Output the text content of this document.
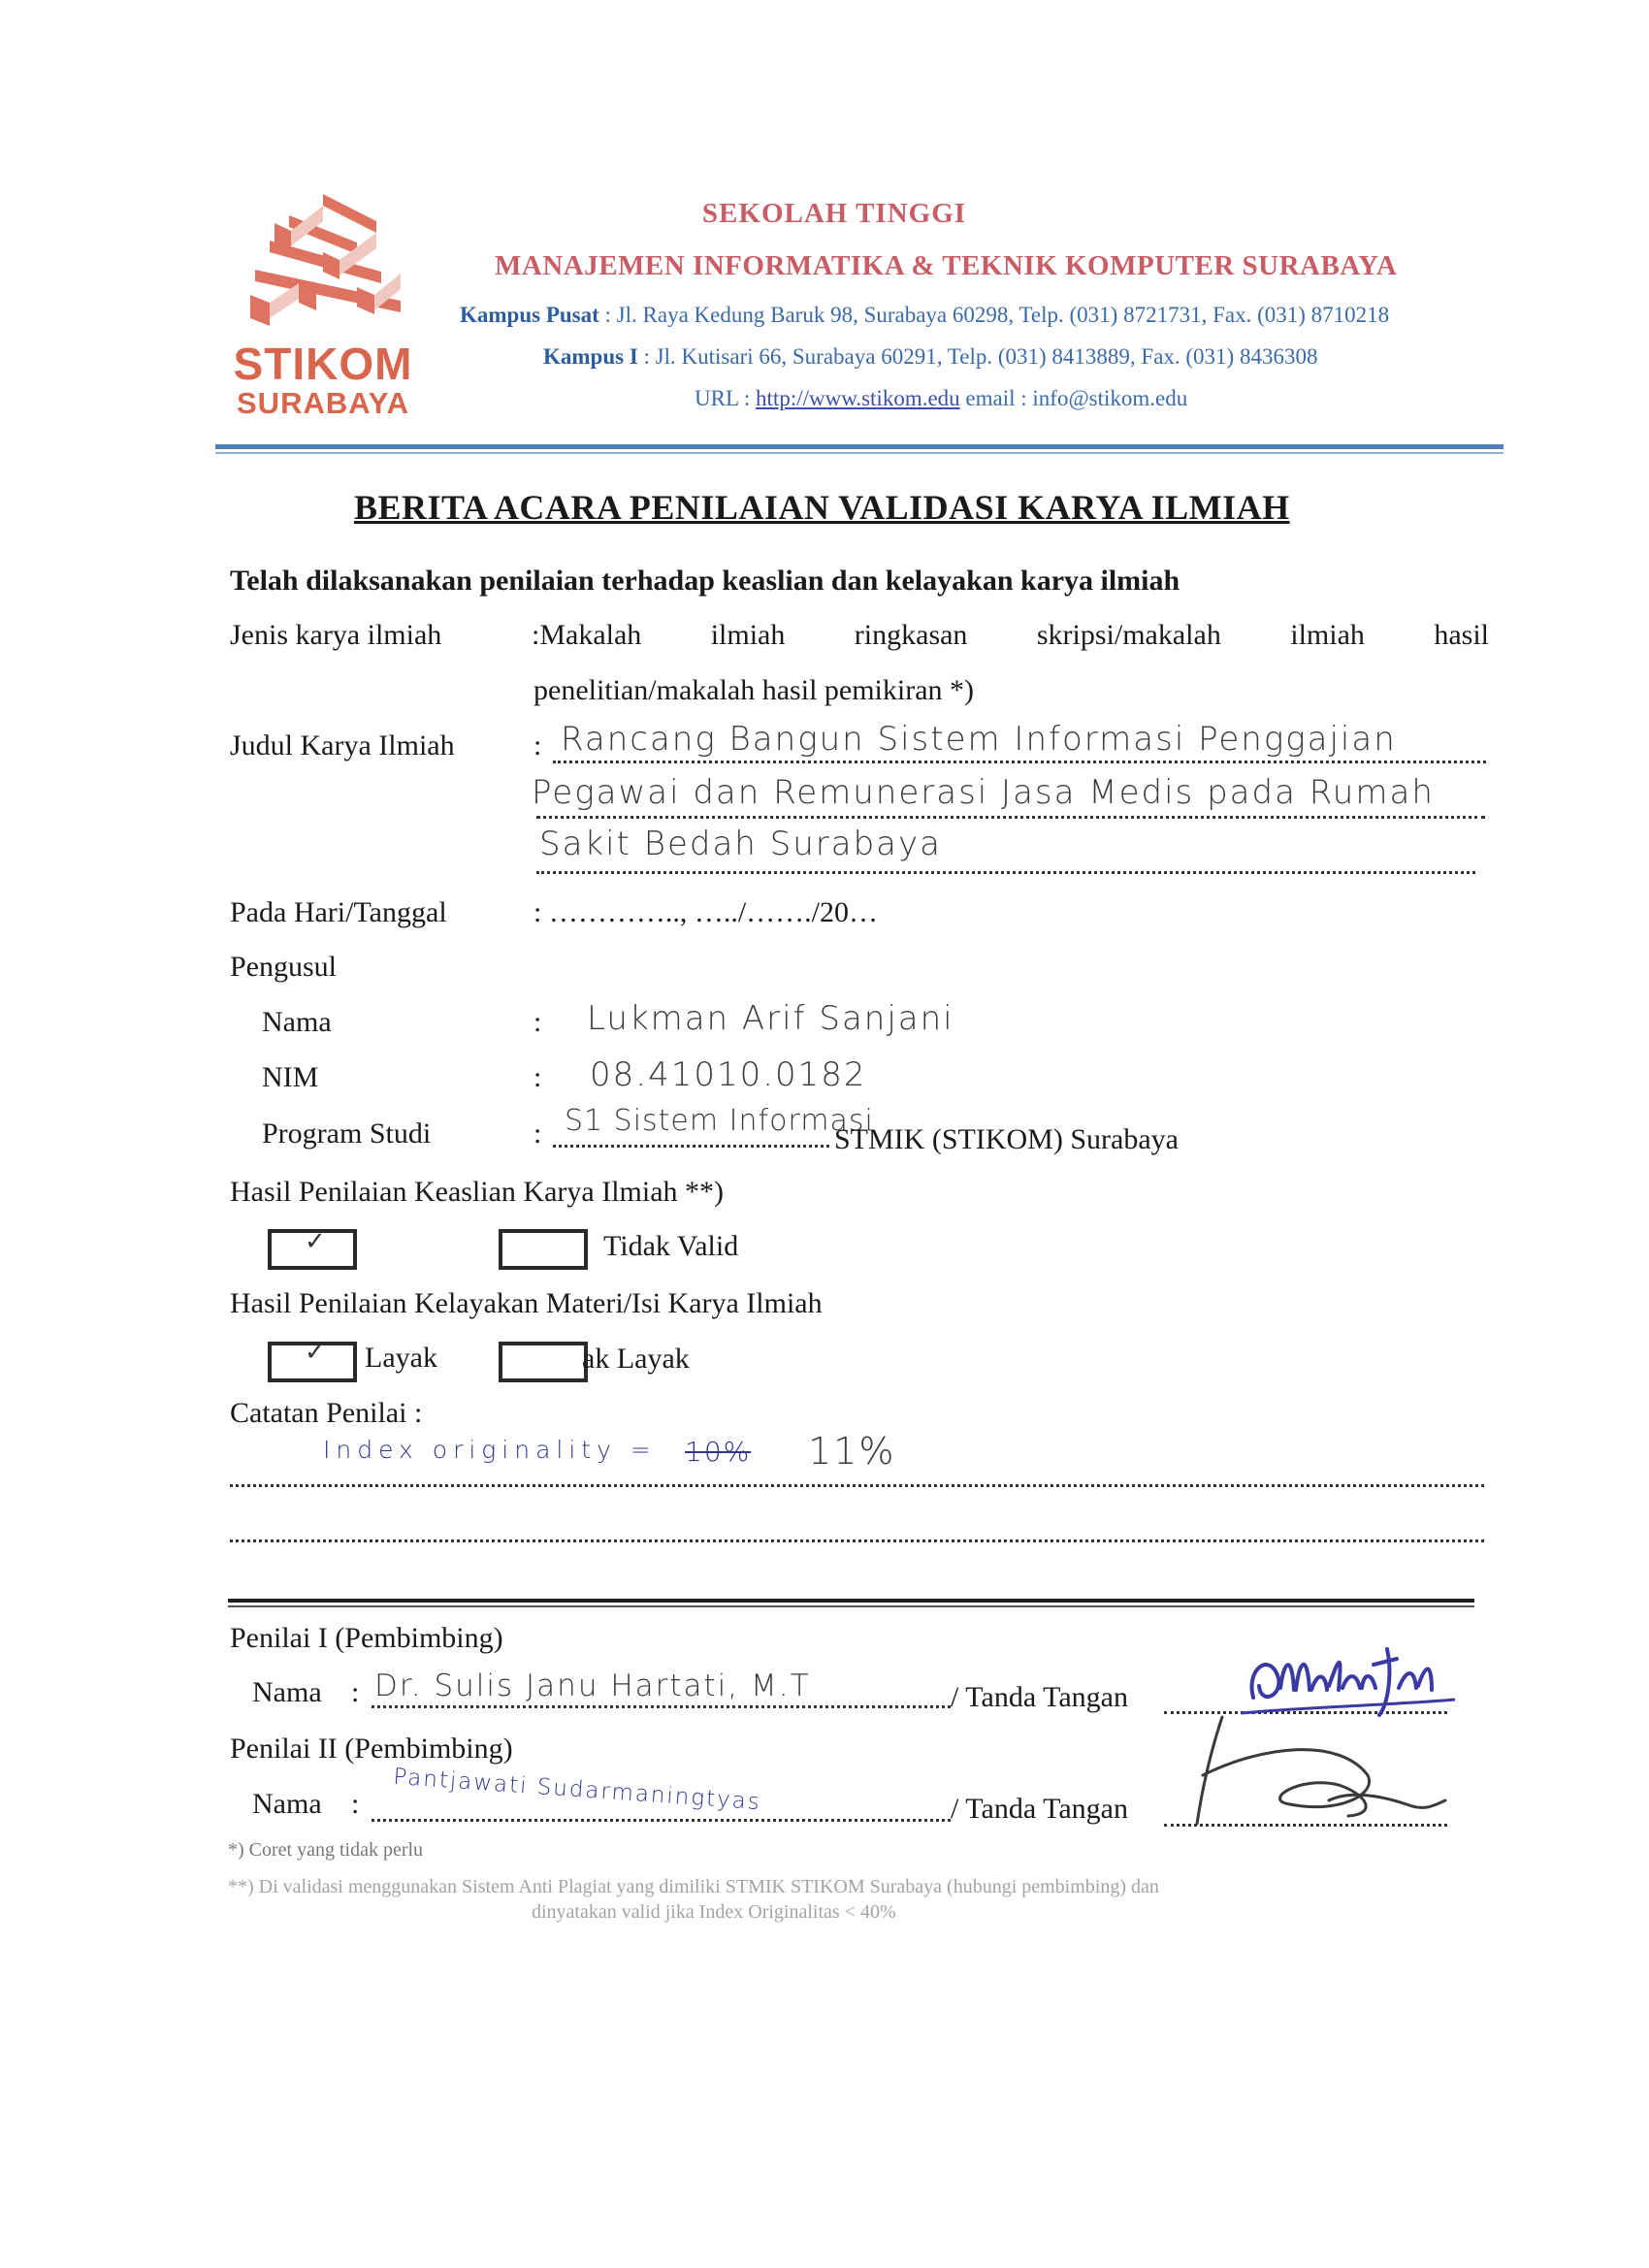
STIKOM
SURABAYA
SEKOLAH TINGGI
MANAJEMEN INFORMATIKA & TEKNIK KOMPUTER SURABAYA
Kampus Pusat : Jl. Raya Kedung Baruk 98, Surabaya 60298, Telp. (031) 8721731, Fax. (031) 8710218
Kampus I : Jl. Kutisari 66, Surabaya 60291, Telp. (031) 8413889, Fax. (031) 8436308
URL : http://www.stikom.edu email : info@stikom.edu
BERITA ACARA PENILAIAN VALIDASI KARYA ILMIAH
Telah dilaksanakan penilaian terhadap keaslian dan kelayakan karya ilmiah
Jenis karya ilmiah	:Makalah ilmiah ringkasan skripsi/makalah ilmiah hasil
penelitian/makalah hasil pemikiran *)
Judul Karya Ilmiah	: Rancang Bangun Sistem Informasi Penggajian
Pegawai dan Remunerasi Jasa Medis pada Rumah
Sakit Bedah Surabaya
Pada Hari/Tanggal	: ………….., …../……./20…
Pengusul
Nama	: Lukman Arif Sanjani
NIM	: 08.41010.0182
Program Studi	: S1 Sistem Informasi
STMIK (STIKOM) Surabaya
Hasil Penilaian Keaslian Karya Ilmiah **)
✓	Tidak Valid
Hasil Penilaian Kelayakan Materi/Isi Karya Ilmiah
✓ Layak	ak Layak
Catatan Penilai :
Index originality = 10% 11%
Penilai I (Pembimbing)
Nama : Dr. Sulis Janu Hartati, M.T	/ Tanda Tangan
Penilai II (Pembimbing)
Nama : Pantjawati Sudarmaningtyas	/ Tanda Tangan
*) Coret yang tidak perlu
**) Di validasi menggunakan Sistem Anti Plagiat yang dimiliki STMIK STIKOM Surabaya (hubungi pembimbing) dan
dinyatakan valid jika Index Originalitas < 40%
